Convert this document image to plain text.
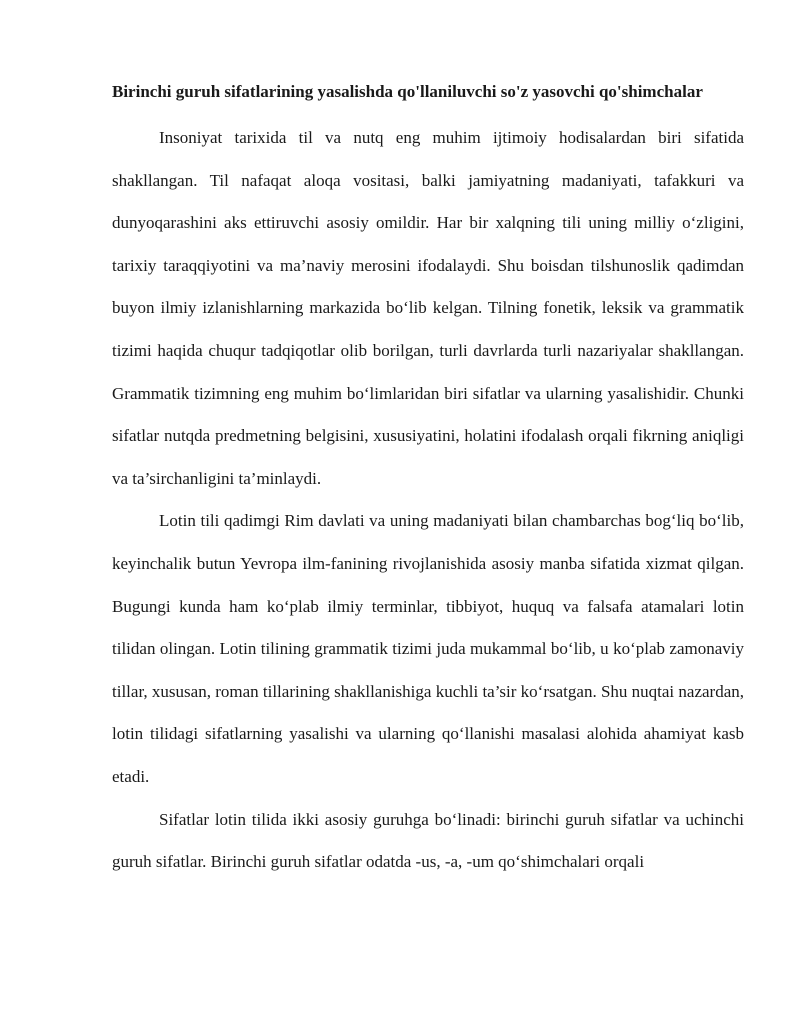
Birinchi guruh sifatlarining yasalishda qo'llaniluvchi so'z yasovchi qo'shimchalar

Insoniyat tarixida til va nutq eng muhim ijtimoiy hodisalardan biri sifatida shakllangan. Til nafaqat aloqa vositasi, balki jamiyatning madaniyati, tafakkuri va dunyoqarashini aks ettiruvchi asosiy omildir. Har bir xalqning tili uning milliy o‘zligini, tarixiy taraqqiyotini va ma’naviy merosini ifodalaydi. Shu boisdan tilshunoslik qadimdan buyon ilmiy izlanishlarning markazida bo‘lib kelgan. Tilning fonetik, leksik va grammatik tizimi haqida chuqur tadqiqotlar olib borilgan, turli davrlarda turli nazariyalar shakllangan. Grammatik tizimning eng muhim bo‘limlaridan biri sifatlar va ularning yasalishidir. Chunki sifatlar nutqda predmetning belgisini, xususiyatini, holatini ifodalash orqali fikrning aniqligi va ta’sirchanligini ta’minlaydi.

Lotin tili qadimgi Rim davlati va uning madaniyati bilan chambarchas bog‘liq bo‘lib, keyinchalik butun Yevropa ilm-fanining rivojlanishida asosiy manba sifatida xizmat qilgan. Bugungi kunda ham ko‘plab ilmiy terminlar, tibbiyot, huquq va falsafa atamalari lotin tilidan olingan. Lotin tilining grammatik tizimi juda mukammal bo‘lib, u ko‘plab zamonaviy tillar, xususan, roman tillarining shakllanishiga kuchli ta’sir ko‘rsatgan. Shu nuqtai nazardan, lotin tilidagi sifatlarning yasalishi va ularning qo‘llanishi masalasi alohida ahamiyat kasb etadi.

Sifatlar lotin tilida ikki asosiy guruhga bo‘linadi: birinchi guruh sifatlar va uchinchi guruh sifatlar. Birinchi guruh sifatlar odatda -us, -a, -um qo‘shimchalari orqali
